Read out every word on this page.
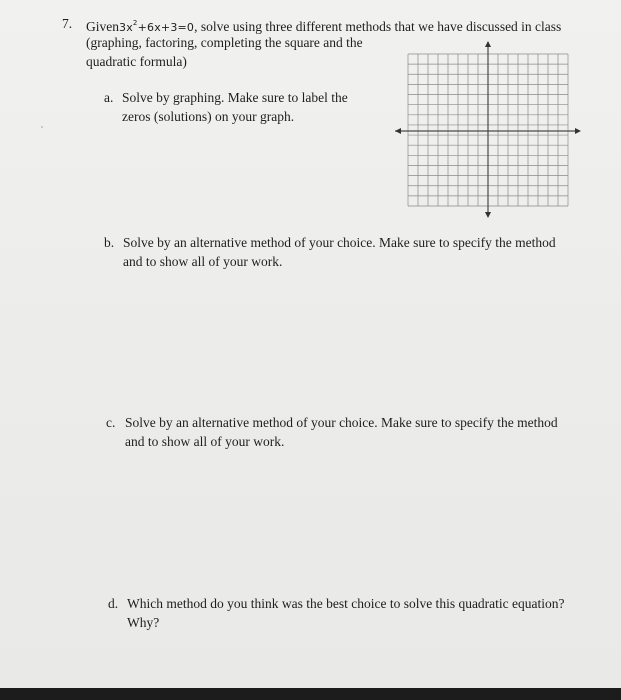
7. $Given3x^2+6x+3=0$, solve using three different methods that we have discussed in class
(graphing, factoring, completing the square and the
quadratic formula)
a. Solve by graphing. Make sure to label the
zeros (solutions) on your graph.
b. Solve by an alternative method of your choice. Make sure to specify the method
and to show all of your work.
c. Solve by an alternative method of your choice. Make sure to specify the method
and to show all of your work.
d. Which method do you think was the best choice to solve this quadratic equation?
Why?
